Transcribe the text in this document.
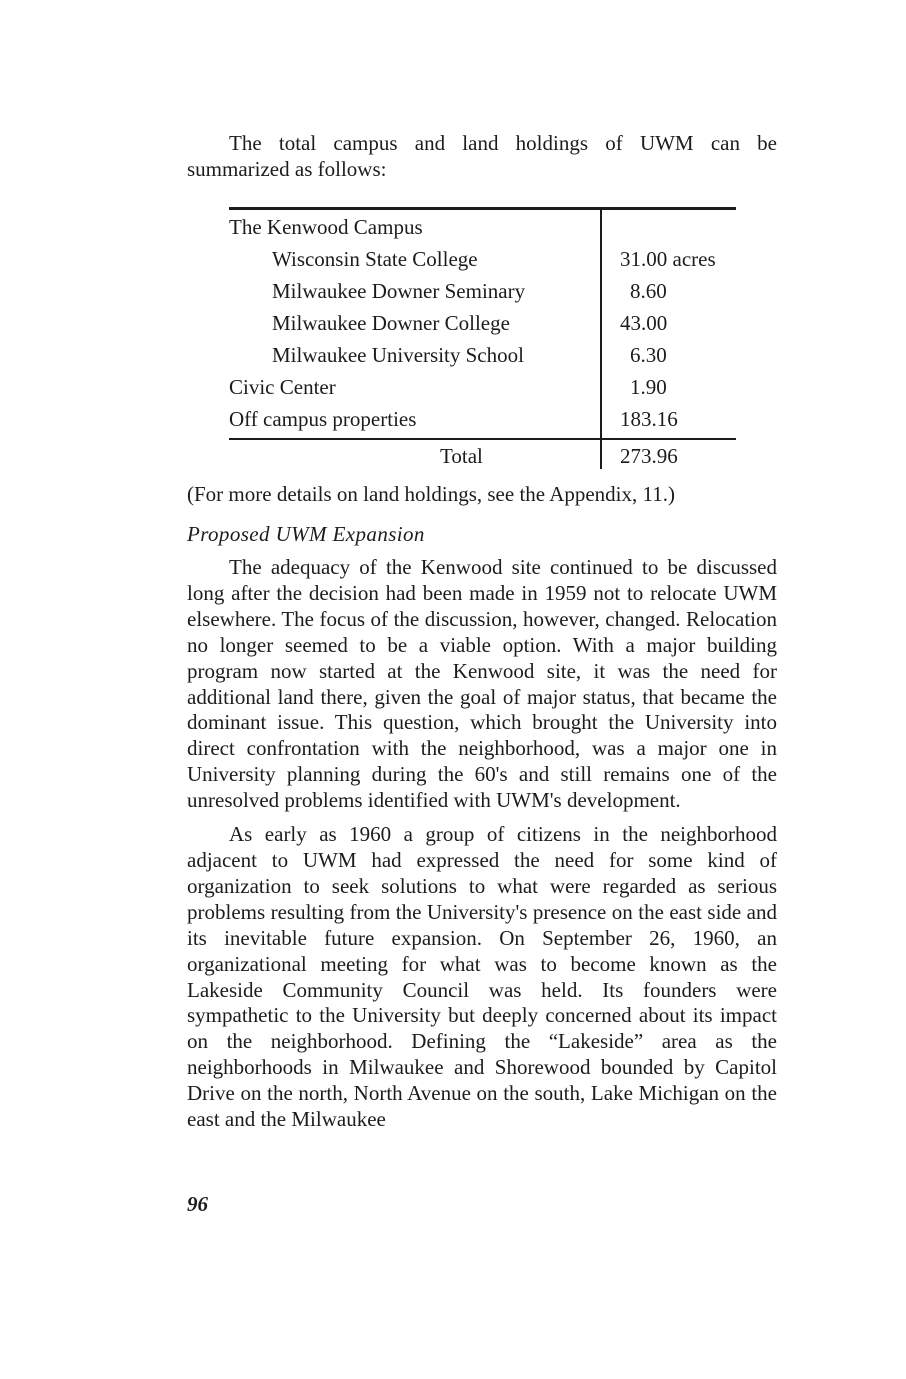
The total campus and land holdings of UWM can be summarized as follows:

The Kenwood Campus
Wisconsin State College	31.00 acres
Milwaukee Downer Seminary	8.60
Milwaukee Downer College	43.00
Milwaukee University School	6.30
Civic Center	1.90
Off campus properties	183.16
Total	273.96

(For more details on land holdings, see the Appendix, 11.)

Proposed UWM Expansion

The adequacy of the Kenwood site continued to be discussed long after the decision had been made in 1959 not to relocate UWM elsewhere. The focus of the discussion, however, changed. Relocation no longer seemed to be a viable option. With a major building program now started at the Kenwood site, it was the need for additional land there, given the goal of major status, that became the dominant issue. This question, which brought the University into direct confrontation with the neighborhood, was a major one in University planning during the 60's and still remains one of the unresolved problems identified with UWM's development.

As early as 1960 a group of citizens in the neighborhood adjacent to UWM had expressed the need for some kind of organization to seek solutions to what were regarded as serious problems resulting from the University's presence on the east side and its inevitable future expansion. On September 26, 1960, an organizational meeting for what was to become known as the Lakeside Community Council was held. Its founders were sympathetic to the University but deeply concerned about its impact on the neighborhood. Defining the “Lakeside” area as the neighborhoods in Milwaukee and Shorewood bounded by Capitol Drive on the north, North Avenue on the south, Lake Michigan on the east and the Milwaukee

96
